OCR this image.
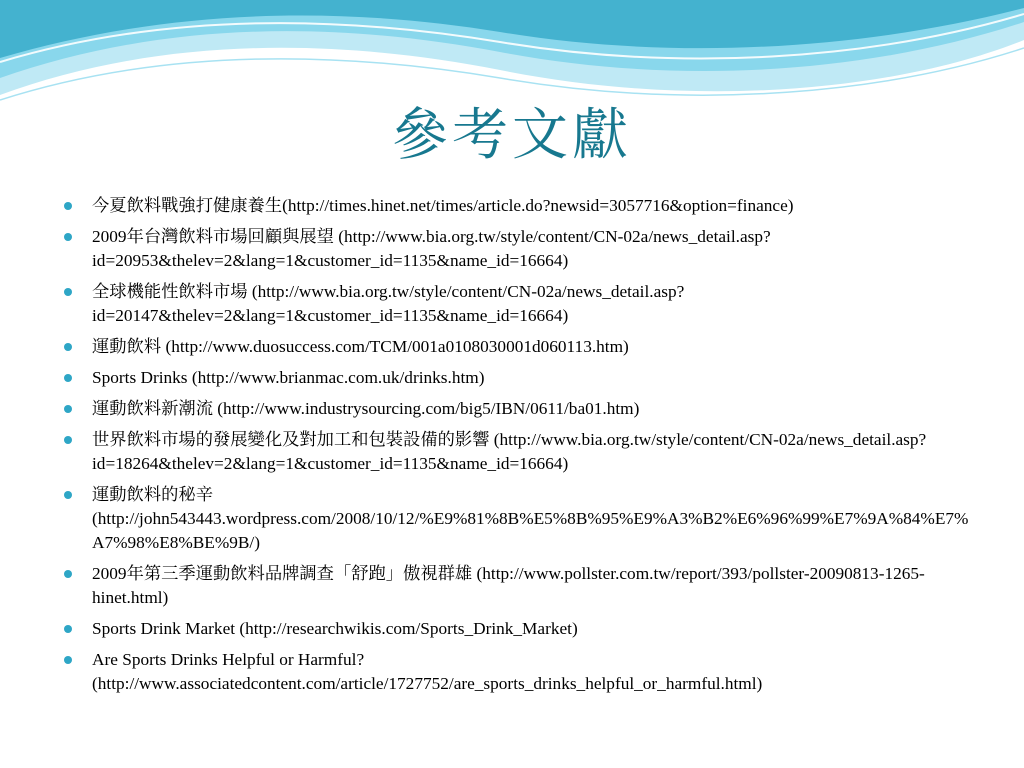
參考文獻
今夏飲料戰強打健康養生(http://times.hinet.net/times/article.do?newsid=3057716&option=finance)
2009年台灣飲料市場回顧與展望 (http://www.bia.org.tw/style/content/CN-02a/news_detail.asp?id=20953&thelev=2&lang=1&customer_id=1135&name_id=16664)
全球機能性飲料市場 (http://www.bia.org.tw/style/content/CN-02a/news_detail.asp?id=20147&thelev=2&lang=1&customer_id=1135&name_id=16664)
運動飲料 (http://www.duosuccess.com/TCM/001a0108030001d060113.htm)
Sports Drinks (http://www.brianmac.com.uk/drinks.htm)
運動飲料新潮流 (http://www.industrysourcing.com/big5/IBN/0611/ba01.htm)
世界飲料市場的發展變化及對加工和包裝設備的影響 (http://www.bia.org.tw/style/content/CN-02a/news_detail.asp?id=18264&thelev=2&lang=1&customer_id=1135&name_id=16664)
運動飲料的秘辛 (http://john543443.wordpress.com/2008/10/12/%E9%81%8B%E5%8B%95%E9%A3%B2%E6%96%99%E7%9A%84%E7%A7%98%E8%BE%9B/)
2009年第三季運動飲料品牌調查「舒跑」傲視群雄 (http://www.pollster.com.tw/report/393/pollster-20090813-1265-hinet.html)
Sports Drink Market (http://researchwikis.com/Sports_Drink_Market)
Are Sports Drinks Helpful or Harmful? (http://www.associatedcontent.com/article/1727752/are_sports_drinks_helpful_or_harmful.html)
